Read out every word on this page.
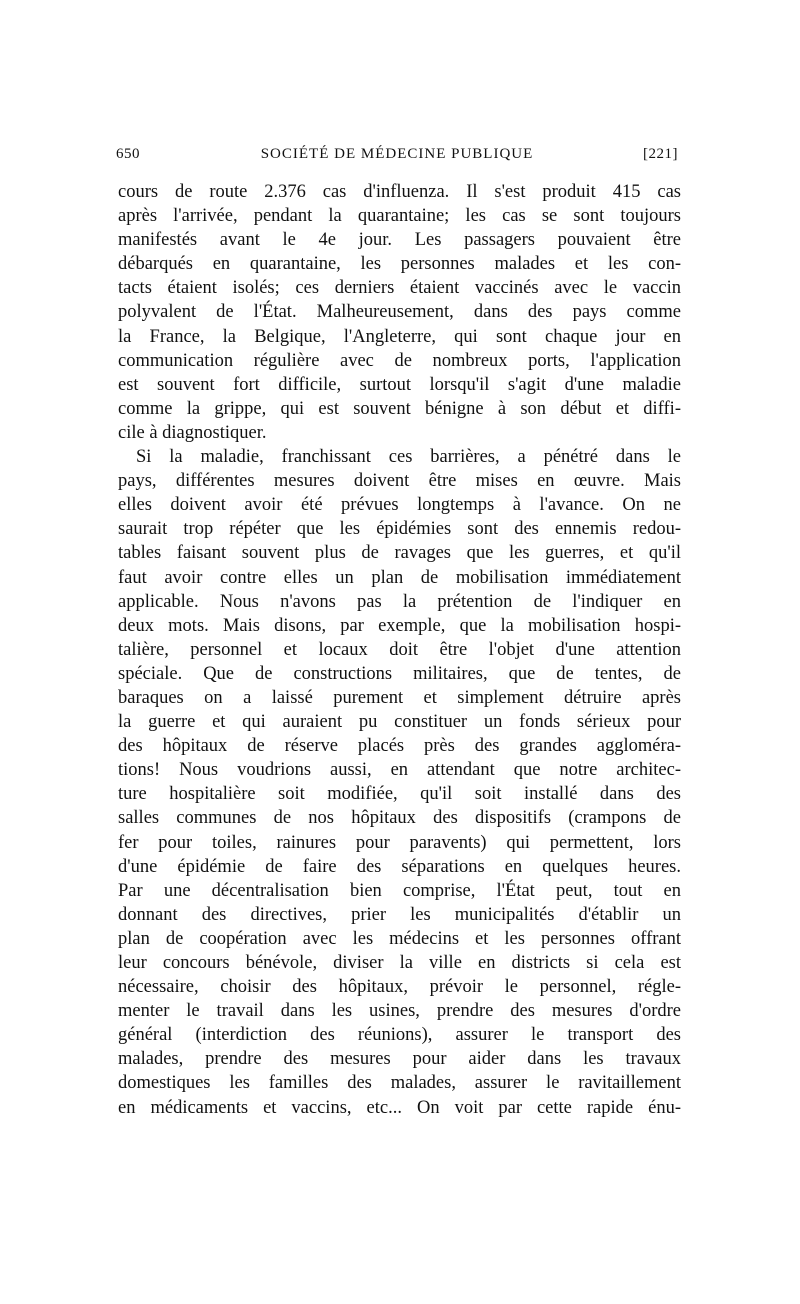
650	SOCIÉTÉ DE MÉDECINE PUBLIQUE	[221]
cours de route 2.376 cas d'influenza. Il s'est produit 415 cas
après l'arrivée, pendant la quarantaine; les cas se sont toujours
manifestés avant le 4e jour. Les passagers pouvaient être
débarqués en quarantaine, les personnes malades et les con-
tacts étaient isolés; ces derniers étaient vaccinés avec le vaccin
polyvalent de l'État. Malheureusement, dans des pays comme
la France, la Belgique, l'Angleterre, qui sont chaque jour en
communication régulière avec de nombreux ports, l'application
est souvent fort difficile, surtout lorsqu'il s'agit d'une maladie
comme la grippe, qui est souvent bénigne à son début et diffi-
cile à diagnostiquer.
Si la maladie, franchissant ces barrières, a pénétré dans le
pays, différentes mesures doivent être mises en œuvre. Mais
elles doivent avoir été prévues longtemps à l'avance. On ne
saurait trop répéter que les épidémies sont des ennemis redou-
tables faisant souvent plus de ravages que les guerres, et qu'il
faut avoir contre elles un plan de mobilisation immédiatement
applicable. Nous n'avons pas la prétention de l'indiquer en
deux mots. Mais disons, par exemple, que la mobilisation hospi-
talière, personnel et locaux doit être l'objet d'une attention
spéciale. Que de constructions militaires, que de tentes, de
baraques on a laissé purement et simplement détruire après
la guerre et qui auraient pu constituer un fonds sérieux pour
des hôpitaux de réserve placés près des grandes aggloméra-
tions! Nous voudrions aussi, en attendant que notre architec-
ture hospitalière soit modifiée, qu'il soit installé dans des
salles communes de nos hôpitaux des dispositifs (crampons de
fer pour toiles, rainures pour paravents) qui permettent, lors
d'une épidémie de faire des séparations en quelques heures.
Par une décentralisation bien comprise, l'État peut, tout en
donnant des directives, prier les municipalités d'établir un
plan de coopération avec les médecins et les personnes offrant
leur concours bénévole, diviser la ville en districts si cela est
nécessaire, choisir des hôpitaux, prévoir le personnel, régle-
menter le travail dans les usines, prendre des mesures d'ordre
général (interdiction des réunions), assurer le transport des
malades, prendre des mesures pour aider dans les travaux
domestiques les familles des malades, assurer le ravitaillement
en médicaments et vaccins, etc... On voit par cette rapide énu-
